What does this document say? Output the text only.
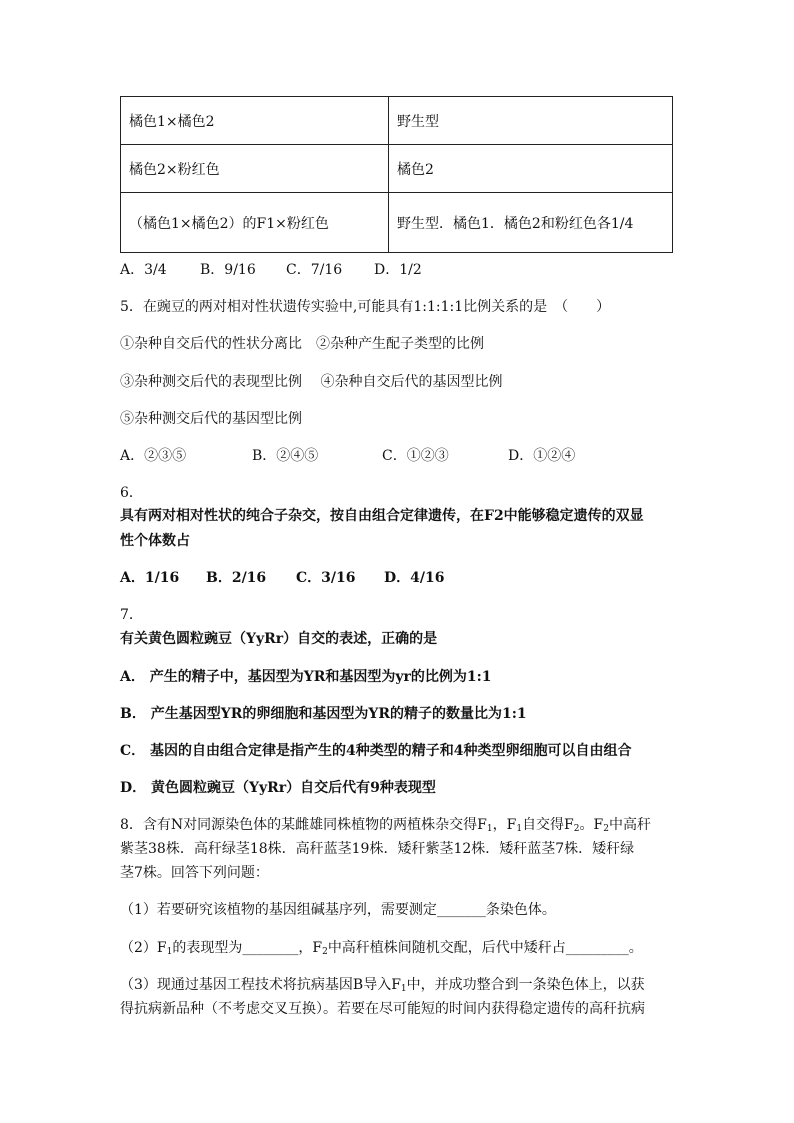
橘色1×橘色2	野生型
橘色2×粉红色	橘色2
（橘色1×橘色2）的F1×粉红色	野生型．橘色1．橘色2和粉红色各1/4
A．3/4 B．9/16 C．7/16 D．1/2
5．在豌豆的两对相对性状遗传实验中,可能具有1:1:1:1比例关系的是　（　　）
①杂种自交后代的性状分离比　②杂种产生配子类型的比例
③杂种测交后代的表现型比例　 ④杂种自交后代的基因型比例
⑤杂种测交后代的基因型比例
A．②③⑤	B．②④⑤	C．①②③	D．①②④
6．
具有两对相对性状的纯合子杂交，按自由组合定律遗传，在F2中能够稳定遗传的双显
性个体数占
A．1/16 B．2/16 C．3/16 D．4/16
7．
有关黄色圆粒豌豆（YyRr）自交的表述，正确的是
A． 产生的精子中，基因型为YR和基因型为yr的比例为1:1
B． 产生基因型YR的卵细胞和基因型为YR的精子的数量比为1:1
C． 基因的自由组合定律是指产生的4种类型的精子和4种类型卵细胞可以自由组合
D． 黄色圆粒豌豆（YyRr）自交后代有9种表现型
8．含有N对同源染色体的某雌雄同株植物的两植株杂交得$F_1$，$F_1$自交得$F_2$。$F_2$中高秆
紫茎38株．高秆绿茎18株．高秆蓝茎19株．矮秆紫茎12株．矮秆蓝茎7株．矮秆绿
茎7株。回答下列问题：
（1）若要研究该植物的基因组碱基序列，需要测定_______条染色体。
$(2)F_1$的表现型为________，$F_2$中高秆植株间随机交配，后代中矮秆占_________。
（3）现通过基因工程技术将抗病基因B导入$F_1$中，并成功整合到一条染色体上，以获
得抗病新品种（不考虑交叉互换）。若要在尽可能短的时间内获得稳定遗传的高秆抗病
